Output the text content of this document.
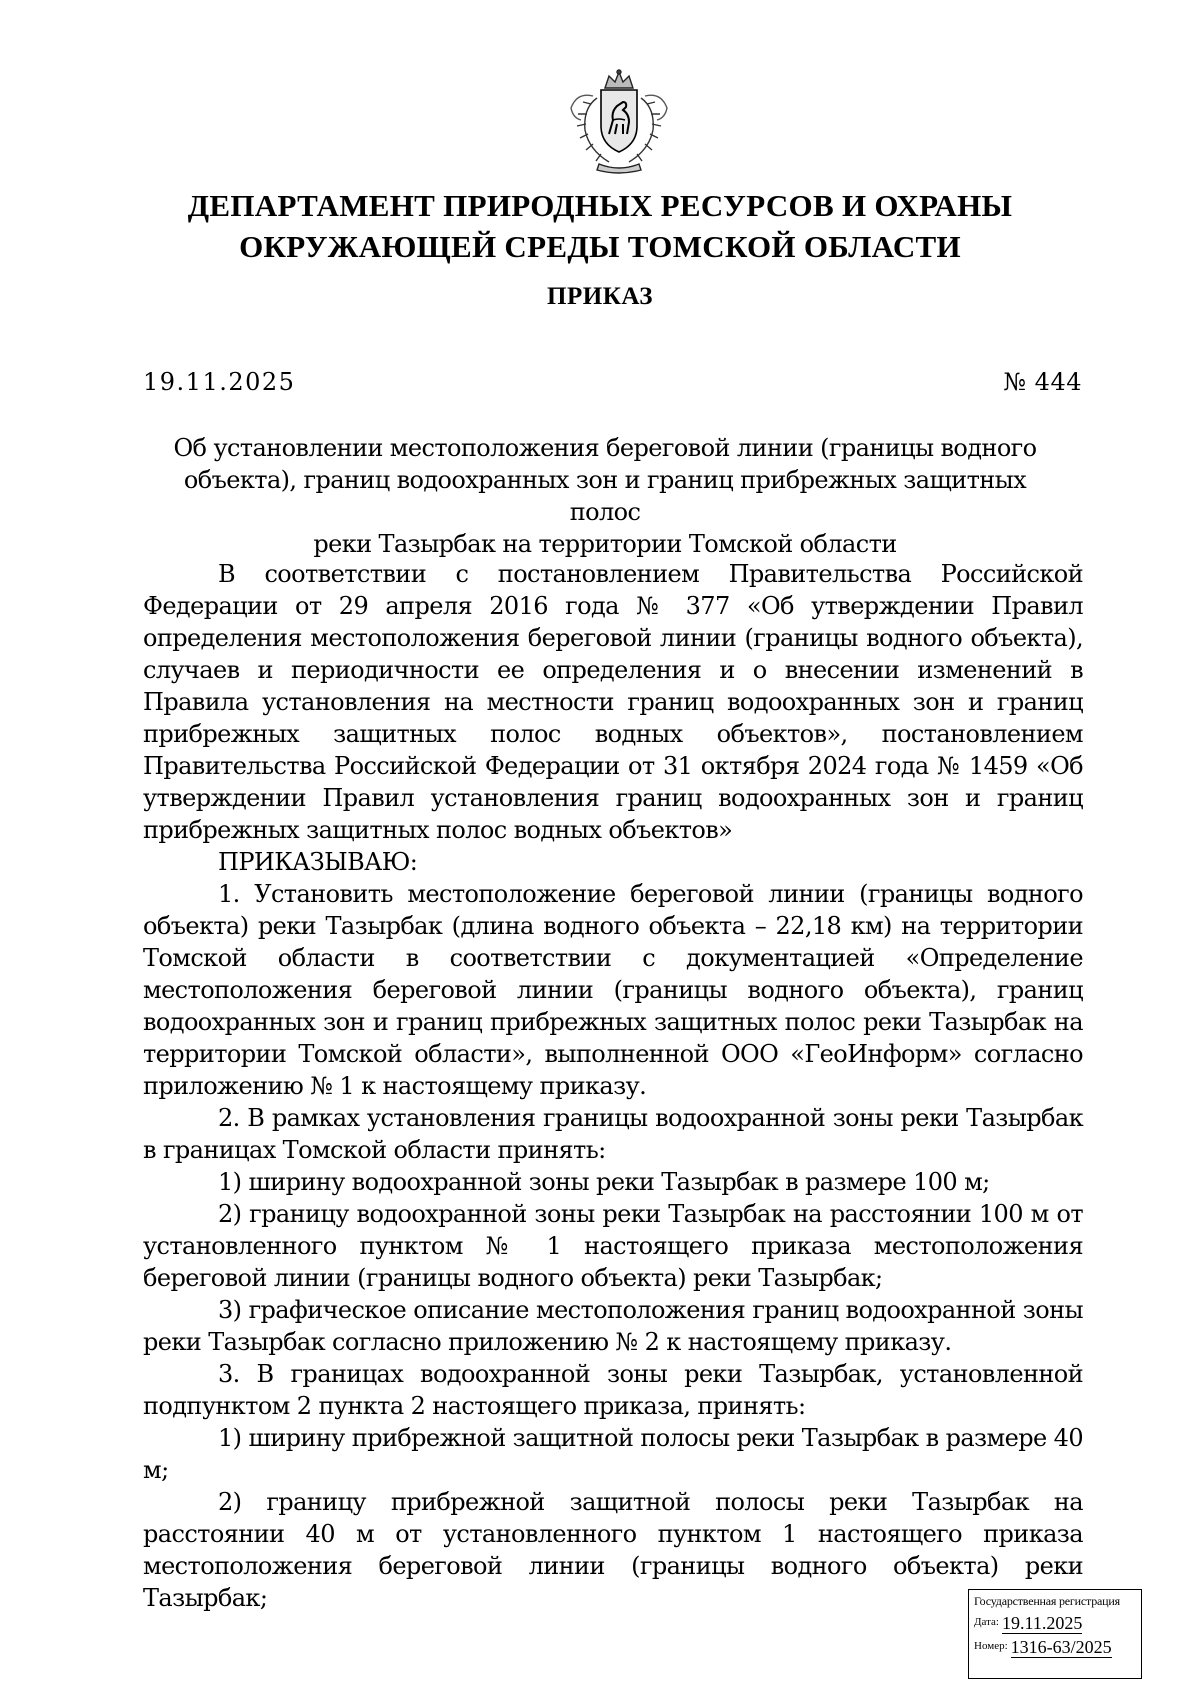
ДЕПАРТАМЕНТ ПРИРОДНЫХ РЕСУРСОВ И ОХРАНЫ
ОКРУЖАЮЩЕЙ СРЕДЫ ТОМСКОЙ ОБЛАСТИ
ПРИКАЗ
19.11.2025	№ 444
Об установлении местоположения береговой линии (границы водного
объекта), границ водоохранных зон и границ прибрежных защитных полос
реки Тазырбак на территории Томской области

В соответствии с постановлением Правительства Российской Федерации от 29 апреля 2016 года № 377 «Об утверждении Правил определения местоположения береговой линии (границы водного объекта), случаев и периодичности ее определения и о внесении изменений в Правила установления на местности границ водоохранных зон и границ прибрежных защитных полос водных объектов», постановлением Правительства Российской Федерации от 31 октября 2024 года № 1459 «Об утверждении Правил установления границ водоохранных зон и границ прибрежных защитных полос водных объектов»

ПРИКАЗЫВАЮ:

1. Установить местоположение береговой линии (границы водного объекта) реки Тазырбак (длина водного объекта – 22,18 км) на территории Томской области в соответствии с документацией «Определение местоположения береговой линии (границы водного объекта), границ водоохранных зон и границ прибрежных защитных полос реки Тазырбак на территории Томской области», выполненной ООО «ГеоИнформ» согласно приложению № 1 к настоящему приказу.

2. В рамках установления границы водоохранной зоны реки Тазырбак в границах Томской области принять:

1) ширину водоохранной зоны реки Тазырбак в размере 100 м;

2) границу водоохранной зоны реки Тазырбак на расстоянии 100 м от установленного пунктом № 1 настоящего приказа местоположения береговой линии (границы водного объекта) реки Тазырбак;

3) графическое описание местоположения границ водоохранной зоны реки Тазырбак согласно приложению № 2 к настоящему приказу.

3. В границах водоохранной зоны реки Тазырбак, установленной подпунктом 2 пункта 2 настоящего приказа, принять:

1) ширину прибрежной защитной полосы реки Тазырбак в размере 40 м;

2) границу прибрежной защитной полосы реки Тазырбак на расстоянии 40 м от установленного пунктом 1 настоящего приказа местоположения береговой линии (границы водного объекта) реки Тазырбак;	Государственная регистрация
Дата: 19.11.2025
Номер: 1316-63/2025
